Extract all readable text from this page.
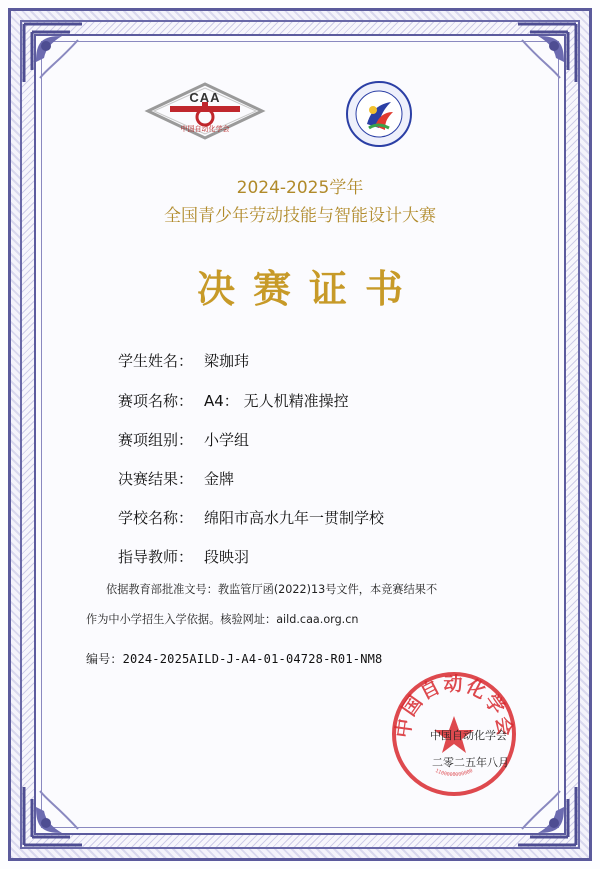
CAA
中国自动化学会
2024-2025学年
全国青少年劳动技能与智能设计大赛
决赛证书
学生姓名： 梁珈玮
赛项名称： A4： 无人机精准操控
赛项组别： 小学组
决赛结果： 金牌
学校名称： 绵阳市高水九年一贯制学校
指导教师： 段映羽
依据教育部批准文号：教监管厅函(2022)13号文件，本竞赛结果不
作为中小学招生入学依据。核验网址：aild.caa.org.cn
编号：2024-2025AILD-J-A4-01-04728-R01-NM8
中国自动化学会
1100000000000
中国自动化学会
二零二五年八月
